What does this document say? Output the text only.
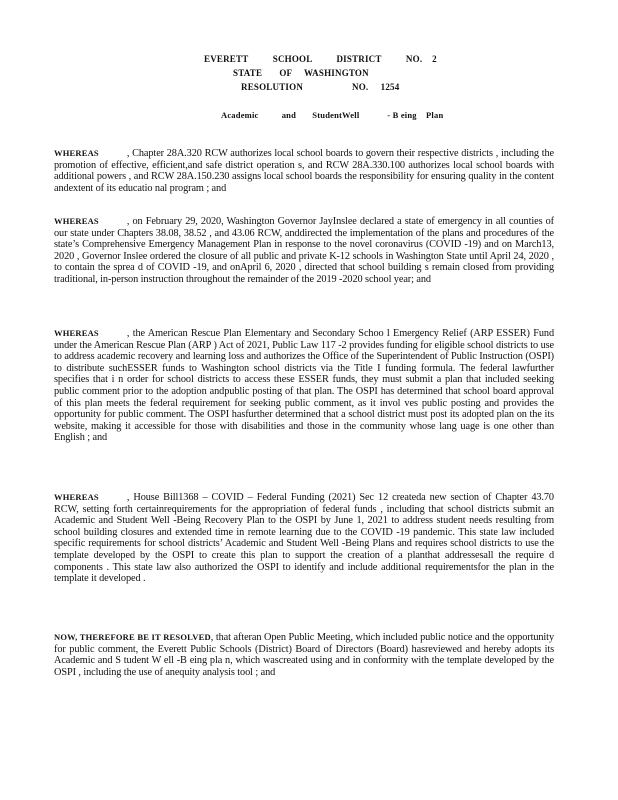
EVERETT          SCHOOL          DISTRICT          NO.    2
STATE       OF     WASHINGTON
RESOLUTION                    NO.     1254
Academic          and       StudentWell            - B eing    Plan
WHEREAS	, Chapter 28A.320 RCW authorizes local school boards to govern their respective districts , including the promotion of effective, efficient,and safe district operation s, and RCW 28A.330.100 authorizes local school boards with additional powers , and RCW 28A.150.230 assigns local school boards the responsibility for ensuring quality in the content andextent of its educatio nal program ; and
WHEREAS	, on February 29, 2020, Washington Governor JayInslee declared a state of emergency in all counties of our state under Chapters 38.08, 38.52 , and 43.06 RCW, anddirected the implementation of the plans and procedures of the state’s Comprehensive Emergency Management Plan in response to the novel coronavirus (COVID -19) and on March13, 2020 , Governor Inslee ordered the closure of all public and private K-12 schools in Washington State until April 24, 2020 , to contain the sprea d of COVID -19, and onApril 6, 2020 , directed that school building s remain closed from providing traditional, in-person instruction throughout the remainder of the 2019 -2020 school year; and
WHEREAS	, the American Rescue Plan Elementary and Secondary Schoo l Emergency Relief (ARP ESSER) Fund under the American Rescue Plan (ARP ) Act of 2021, Public Law 117 -2 provides funding for eligible school districts to use to address academic recovery and learning loss and authorizes the Office of the Superintendent of Public Instruction (OSPI) to distribute suchESSER funds to Washington school districts via the Title I funding formula. The federal lawfurther specifies that i n order for school districts to access these ESSER funds, they must submit a plan that included seeking public comment prior to the adoption andpublic posting of that plan. The OSPI has determined that school board approval of this plan meets the federal requirement for seeking public comment, as it invol ves public posting and provides the opportunity for public comment. The OSPI hasfurther determined that a school district must post its adopted plan on the its website, making it accessible for those with disabilities and those in the community whose lang uage is one other than English ; and
WHEREAS	, House Bill1368 – COVID – Federal Funding (2021) Sec 12 createda new section of Chapter 43.70 RCW, setting forth certainrequirements for the appropriation of federal funds , including that school districts submit an Academic and Student Well -Being Recovery Plan to the OSPI by June 1, 2021 to address student needs resulting from school building closures and extended time in remote learning due to the COVID -19 pandemic. This state law included specific requirements for school districts’ Academic and Student Well -Being Plans and requires school districts to use the template developed by the OSPI to create this plan to support the creation of a planthat addressesall the require d components . This state law also authorized the OSPI to identify and include additional requirementsfor the plan in the template it developed .
NOW, THEREFORE BE IT RESOLVED, that afteran Open Public Meeting, which included public notice and the opportunity for public comment, the Everett Public Schools (District) Board of Directors (Board) hasreviewed and hereby adopts its Academic and S tudent W ell -B eing pla n, which wascreated using and in conformity with the template developed by the OSPI , including the use of anequity analysis tool ; and
